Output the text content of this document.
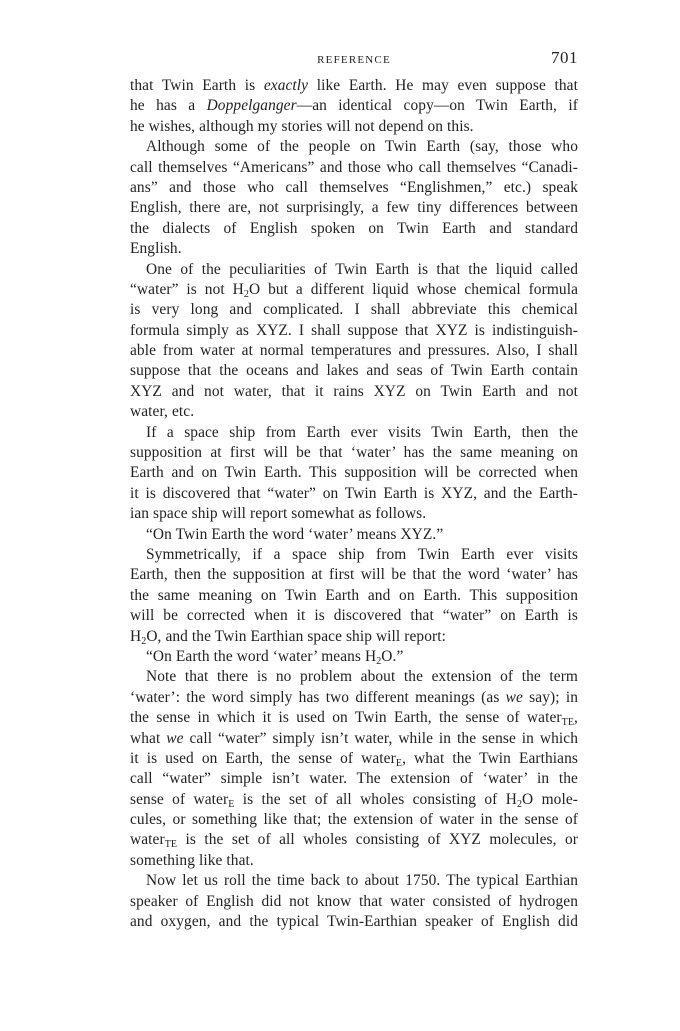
REFERENCE	701
that Twin Earth is exactly like Earth. He may even suppose that
he has a Doppelganger—an identical copy—on Twin Earth, if
he wishes, although my stories will not depend on this.
Although some of the people on Twin Earth (say, those who
call themselves “Americans” and those who call themselves “Canadi-
ans” and those who call themselves “Englishmen,” etc.) speak
English, there are, not surprisingly, a few tiny differences between
the dialects of English spoken on Twin Earth and standard
English.
One of the peculiarities of Twin Earth is that the liquid called
“water” is not $H_2O$ but a different liquid whose chemical formula
is very long and complicated. I shall abbreviate this chemical
formula simply as XYZ. I shall suppose that XYZ is indistinguish-
able from water at normal temperatures and pressures. Also, I shall
suppose that the oceans and lakes and seas of Twin Earth contain
XYZ and not water, that it rains XYZ on Twin Earth and not
water, etc.
If a space ship from Earth ever visits Twin Earth, then the
supposition at first will be that ‘water’ has the same meaning on
Earth and on Twin Earth. This supposition will be corrected when
it is discovered that “water” on Twin Earth is XYZ, and the Earth-
ian space ship will report somewhat as follows.
“On Twin Earth the word ‘water’ means XYZ.”
Symmetrically, if a space ship from Twin Earth ever visits
Earth, then the supposition at first will be that the word ‘water’ has
the same meaning on Twin Earth and on Earth. This supposition
will be corrected when it is discovered that “water” on Earth is
$H_2O$, and the Twin Earthian space ship will report:
“On Earth the word ‘water’ means $H_2O$.”
Note that there is no problem about the extension of the term
‘water’: the word simply has two different meanings (as we say); in
the sense in which it is used on Twin Earth, the sense of water$_{TE}$,
what we call “water” simply isn’t water, while in the sense in which
it is used on Earth, the sense of water$_E$, what the Twin Earthians
call “water” simple isn’t water. The extension of ‘water’ in the
sense of water$_E$ is the set of all wholes consisting of $H_2O$ mole-
cules, or something like that; the extension of water in the sense of
water$_{TE}$ is the set of all wholes consisting of XYZ molecules, or
something like that.
Now let us roll the time back to about 1750. The typical Earthian
speaker of English did not know that water consisted of hydrogen
and oxygen, and the typical Twin-Earthian speaker of English did
